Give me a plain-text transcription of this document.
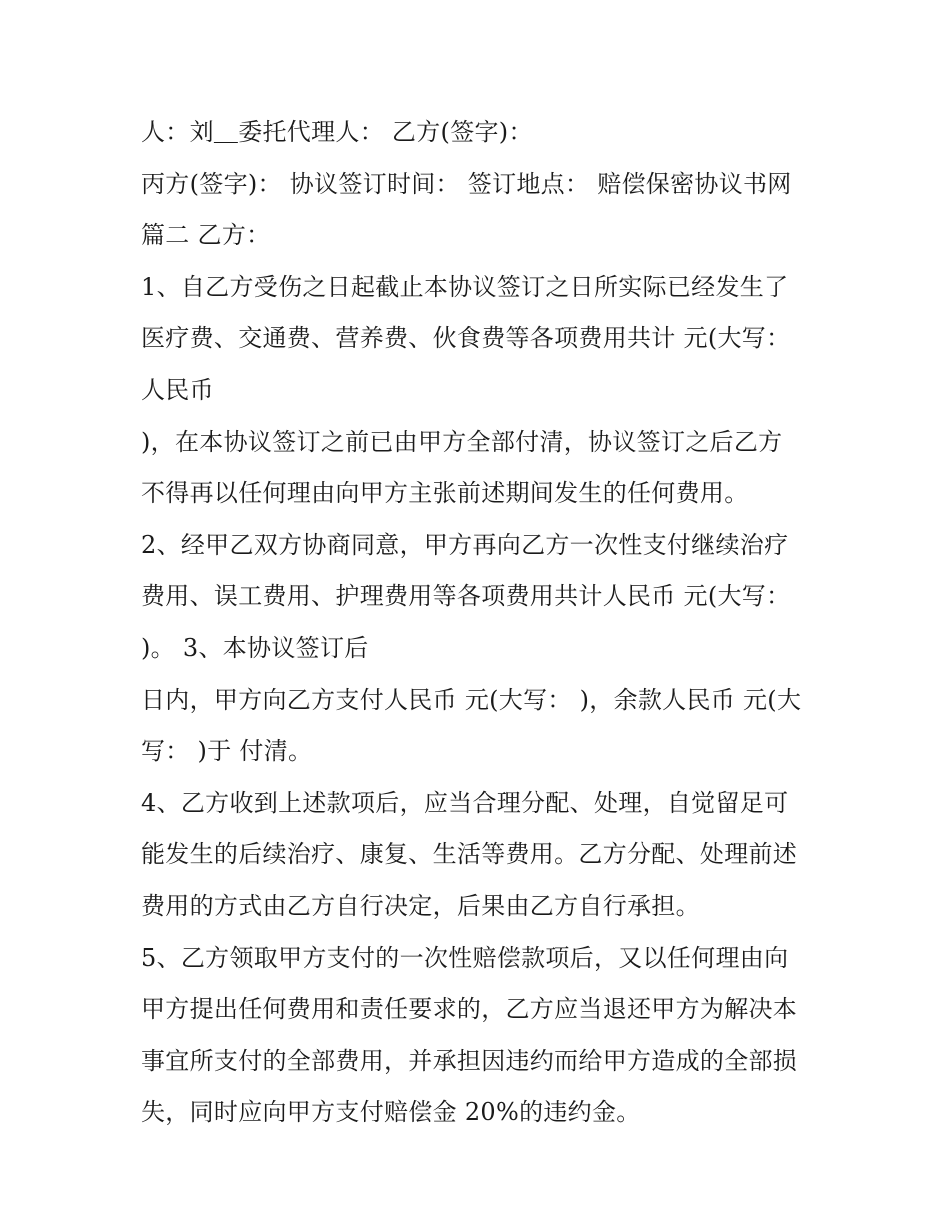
人：刘＿委托代理人： 乙方(签字)：
丙方(签字)： 协议签订时间： 签订地点： 赔偿保密协议书网
篇二 乙方：
1、自乙方受伤之日起截止本协议签订之日所实际已经发生了
医疗费、交通费、营养费、伙食费等各项费用共计 元(大写：
人民币
)，在本协议签订之前已由甲方全部付清，协议签订之后乙方
不得再以任何理由向甲方主张前述期间发生的任何费用。
2、经甲乙双方协商同意，甲方再向乙方一次性支付继续治疗
费用、误工费用、护理费用等各项费用共计人民币 元(大写：
)。 3、本协议签订后
日内，甲方向乙方支付人民币 元(大写： )，余款人民币 元(大
写： )于 付清。
4、乙方收到上述款项后，应当合理分配、处理，自觉留足可
能发生的后续治疗、康复、生活等费用。乙方分配、处理前述
费用的方式由乙方自行决定，后果由乙方自行承担。
5、乙方领取甲方支付的一次性赔偿款项后，又以任何理由向
甲方提出任何费用和责任要求的，乙方应当退还甲方为解决本
事宜所支付的全部费用，并承担因违约而给甲方造成的全部损
失，同时应向甲方支付赔偿金 20%的违约金。
